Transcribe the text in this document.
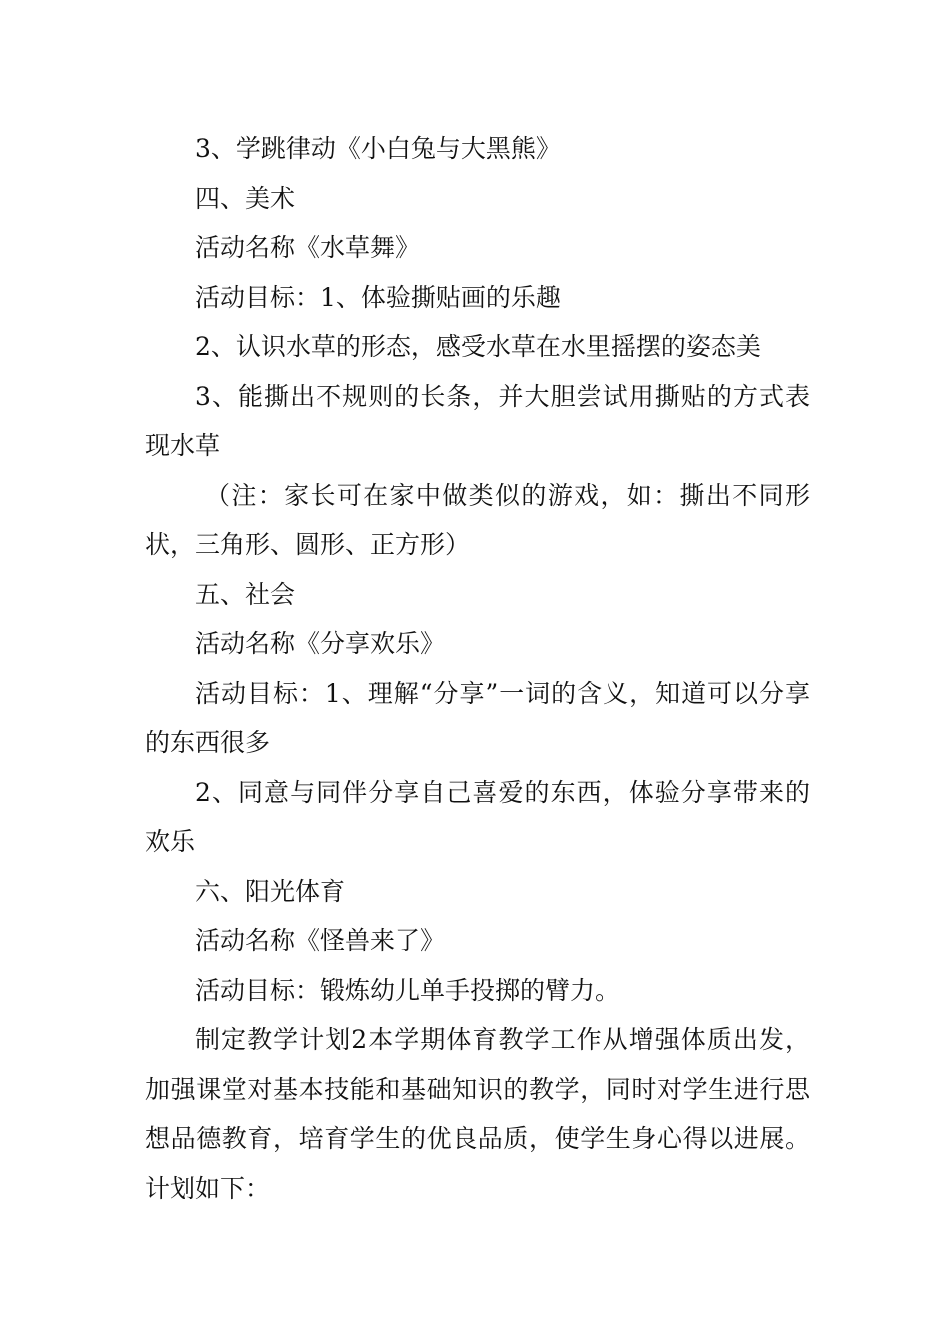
3、学跳律动《小白兔与大黑熊》

四、美术

活动名称《水草舞》

活动目标：1、体验撕贴画的乐趣

2、认识水草的形态，感受水草在水里摇摆的姿态美

3、能撕出不规则的长条，并大胆尝试用撕贴的方式表现水草

（注：家长可在家中做类似的游戏，如：撕出不同形状，三角形、圆形、正方形）

五、社会

活动名称《分享欢乐》

活动目标：1、理解“分享”一词的含义，知道可以分享的东西很多

2、同意与同伴分享自己喜爱的东西，体验分享带来的欢乐

六、阳光体育

活动名称《怪兽来了》

活动目标：锻炼幼儿单手投掷的臂力。

制定教学计划2本学期体育教学工作从增强体质出发，加强课堂对基本技能和基础知识的教学，同时对学生进行思想品德教育，培育学生的优良品质，使学生身心得以进展。计划如下：
